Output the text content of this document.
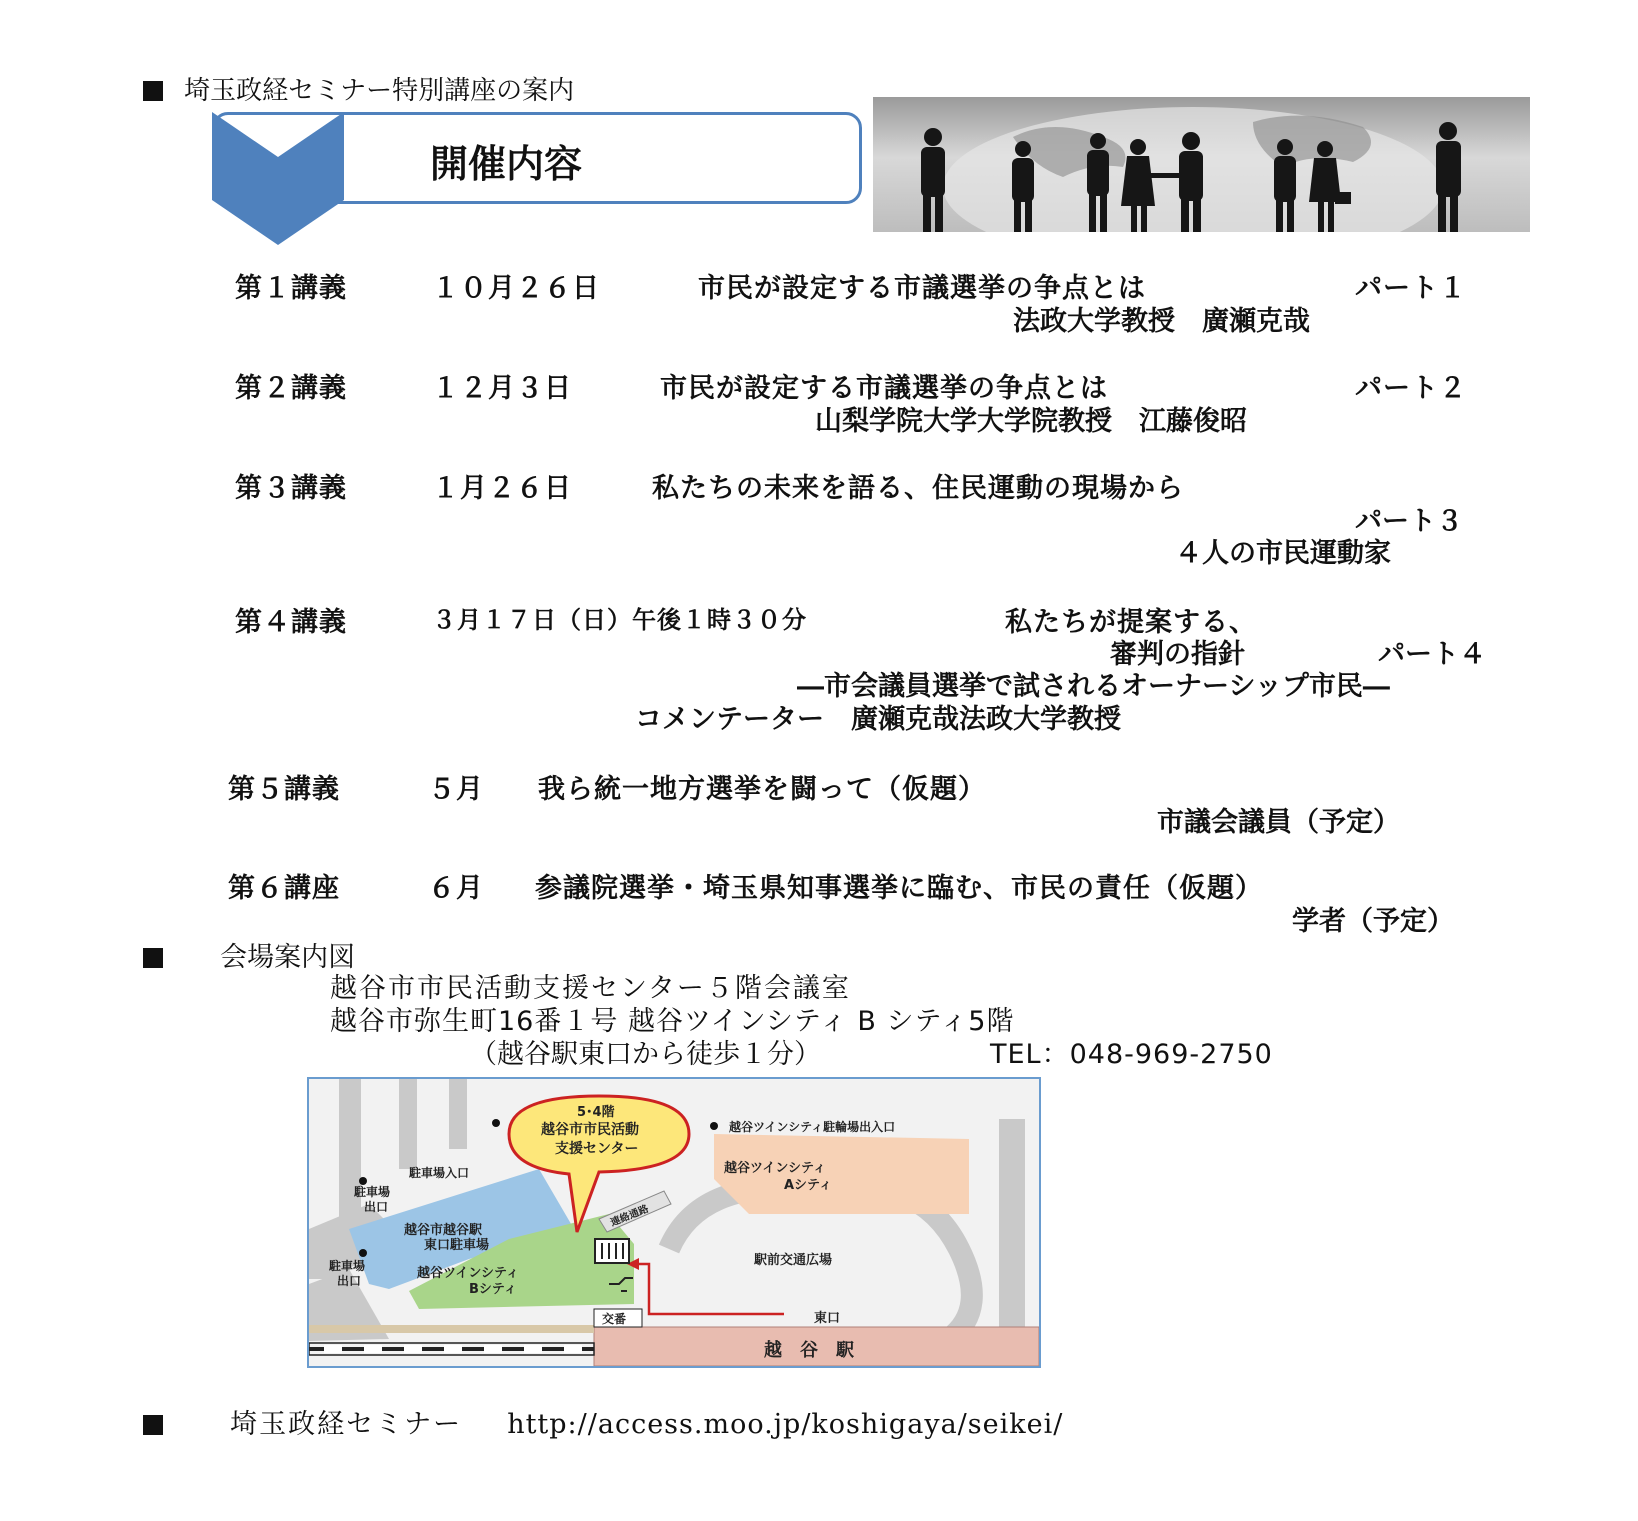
埼玉政経セミナー特別講座の案内
開催内容
第１講義	１０月２６日	市民が設定する市議選挙の争点とは	パート１
法政大学教授　廣瀬克哉
第２講義	１２月３日	市民が設定する市議選挙の争点とは	パート２
山梨学院大学大学院教授　江藤俊昭
第３講義	１月２６日	私たちの未来を語る、住民運動の現場から
パート３
４人の市民運動家
第４講義	３月１７日（日）午後１時３０分	私たちが提案する、
審判の指針	パート４
―市会議員選挙で試されるオーナーシップ市民―
コメンテーター　廣瀬克哉法政大学教授
第５講義	５月 我ら統一地方選挙を闘って（仮題）
市議会議員（予定）
第６講座	６月 参議院選挙・埼玉県知事選挙に臨む、市民の責任（仮題）
学者（予定）
会場案内図
越谷市市民活動支援センター５階会議室
越谷市弥生町16番１号 越谷ツインシティ B シティ5階
（越谷駅東口から徒歩１分）	TEL：048-969-2750
5･4階
越谷市市民活動
支援センター
越谷ツインシティ駐輪場出入口
越谷ツインシティ
Aシティ
駐車場入口
駐車場
出口
越谷市越谷駅
東口駐車場
駐車場
出口	越谷ツインシティ
Bシティ
連絡通路
駅前交通広場
東口
交番
越　谷　駅
埼玉政経セミナー http://access.moo.jp/koshigaya/seikei/
